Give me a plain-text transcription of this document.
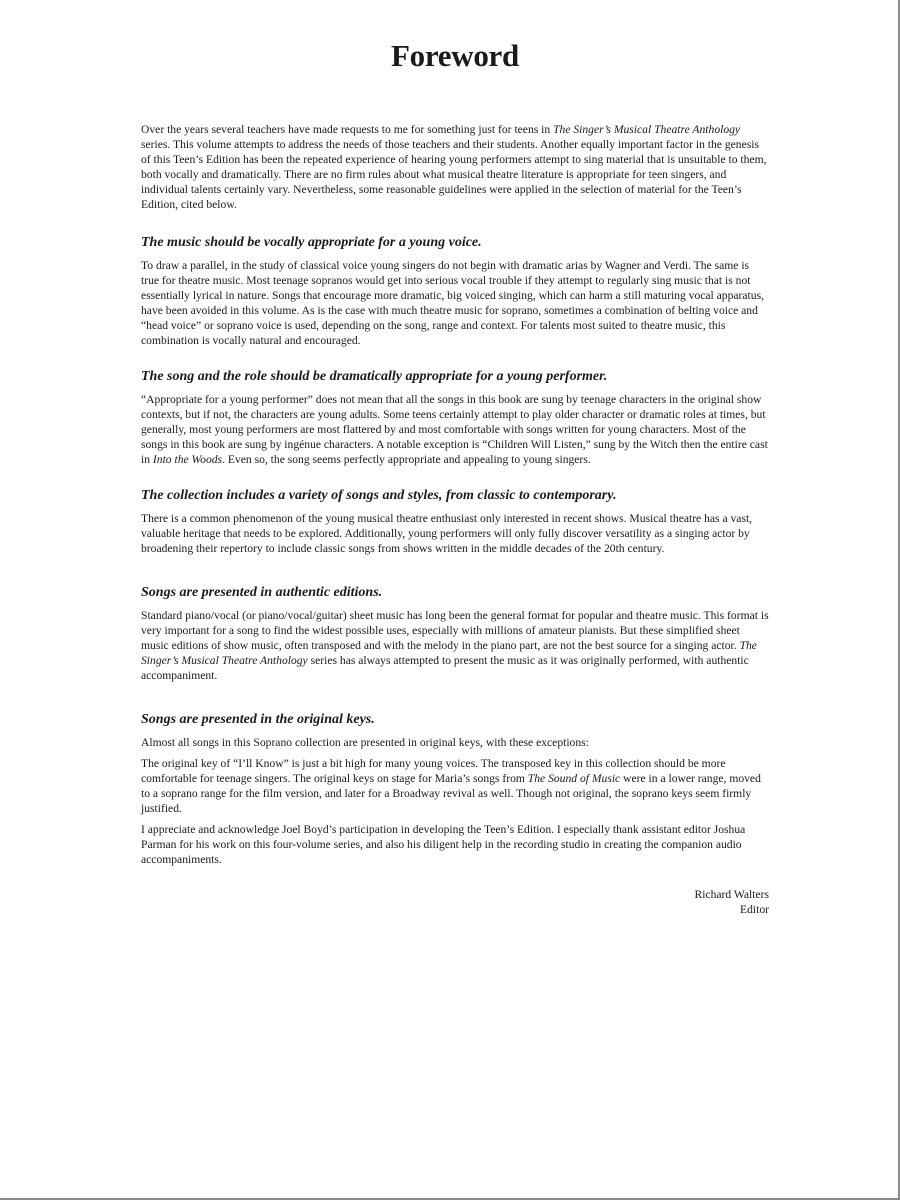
Foreword

Over the years several teachers have made requests to me for something just for teens in The Singer’s Musical Theatre Anthology series. This volume attempts to address the needs of those teachers and their students. Another equally important factor in the genesis of this Teen’s Edition has been the repeated experience of hearing young performers attempt to sing material that is unsuitable to them, both vocally and dramatically. There are no firm rules about what musical theatre literature is appropriate for teen singers, and individual talents certainly vary. Nevertheless, some reasonable guidelines were applied in the selection of material for the Teen’s Edition, cited below.

The music should be vocally appropriate for a young voice.

To draw a parallel, in the study of classical voice young singers do not begin with dramatic arias by Wagner and Verdi. The same is true for theatre music. Most teenage sopranos would get into serious vocal trouble if they attempt to regularly sing music that is not essentially lyrical in nature. Songs that encourage more dramatic, big voiced singing, which can harm a still maturing vocal apparatus, have been avoided in this volume. As is the case with much theatre music for soprano, sometimes a combination of belting voice and “head voice” or soprano voice is used, depending on the song, range and context. For talents most suited to theatre music, this combination is vocally natural and encouraged.

The song and the role should be dramatically appropriate for a young performer.

“Appropriate for a young performer” does not mean that all the songs in this book are sung by teenage characters in the original show contexts, but if not, the characters are young adults. Some teens certainly attempt to play older character or dramatic roles at times, but generally, most young performers are most flattered by and most comfortable with songs written for young characters. Most of the songs in this book are sung by ingénue characters. A notable exception is “Children Will Listen,” sung by the Witch then the entire cast in Into the Woods. Even so, the song seems perfectly appropriate and appealing to young singers.

The collection includes a variety of songs and styles, from classic to contemporary.

There is a common phenomenon of the young musical theatre enthusiast only interested in recent shows. Musical theatre has a vast, valuable heritage that needs to be explored. Additionally, young performers will only fully discover versatility as a singing actor by broadening their repertory to include classic songs from shows written in the middle decades of the 20th century.

Songs are presented in authentic editions.

Standard piano/vocal (or piano/vocal/guitar) sheet music has long been the general format for popular and theatre music. This format is very important for a song to find the widest possible uses, especially with millions of amateur pianists. But these simplified sheet music editions of show music, often transposed and with the melody in the piano part, are not the best source for a singing actor. The Singer’s Musical Theatre Anthology series has always attempted to present the music as it was originally performed, with authentic accompaniment.

Songs are presented in the original keys.

Almost all songs in this Soprano collection are presented in original keys, with these exceptions:

The original key of “I’ll Know” is just a bit high for many young voices. The transposed key in this collection should be more comfortable for teenage singers. The original keys on stage for Maria’s songs from The Sound of Music were in a lower range, moved to a soprano range for the film version, and later for a Broadway revival as well. Though not original, the soprano keys seem firmly justified.

I appreciate and acknowledge Joel Boyd’s participation in developing the Teen’s Edition. I especially thank assistant editor Joshua Parman for his work on this four-volume series, and also his diligent help in the recording studio in creating the companion audio accompaniments.

Richard Walters
Editor
